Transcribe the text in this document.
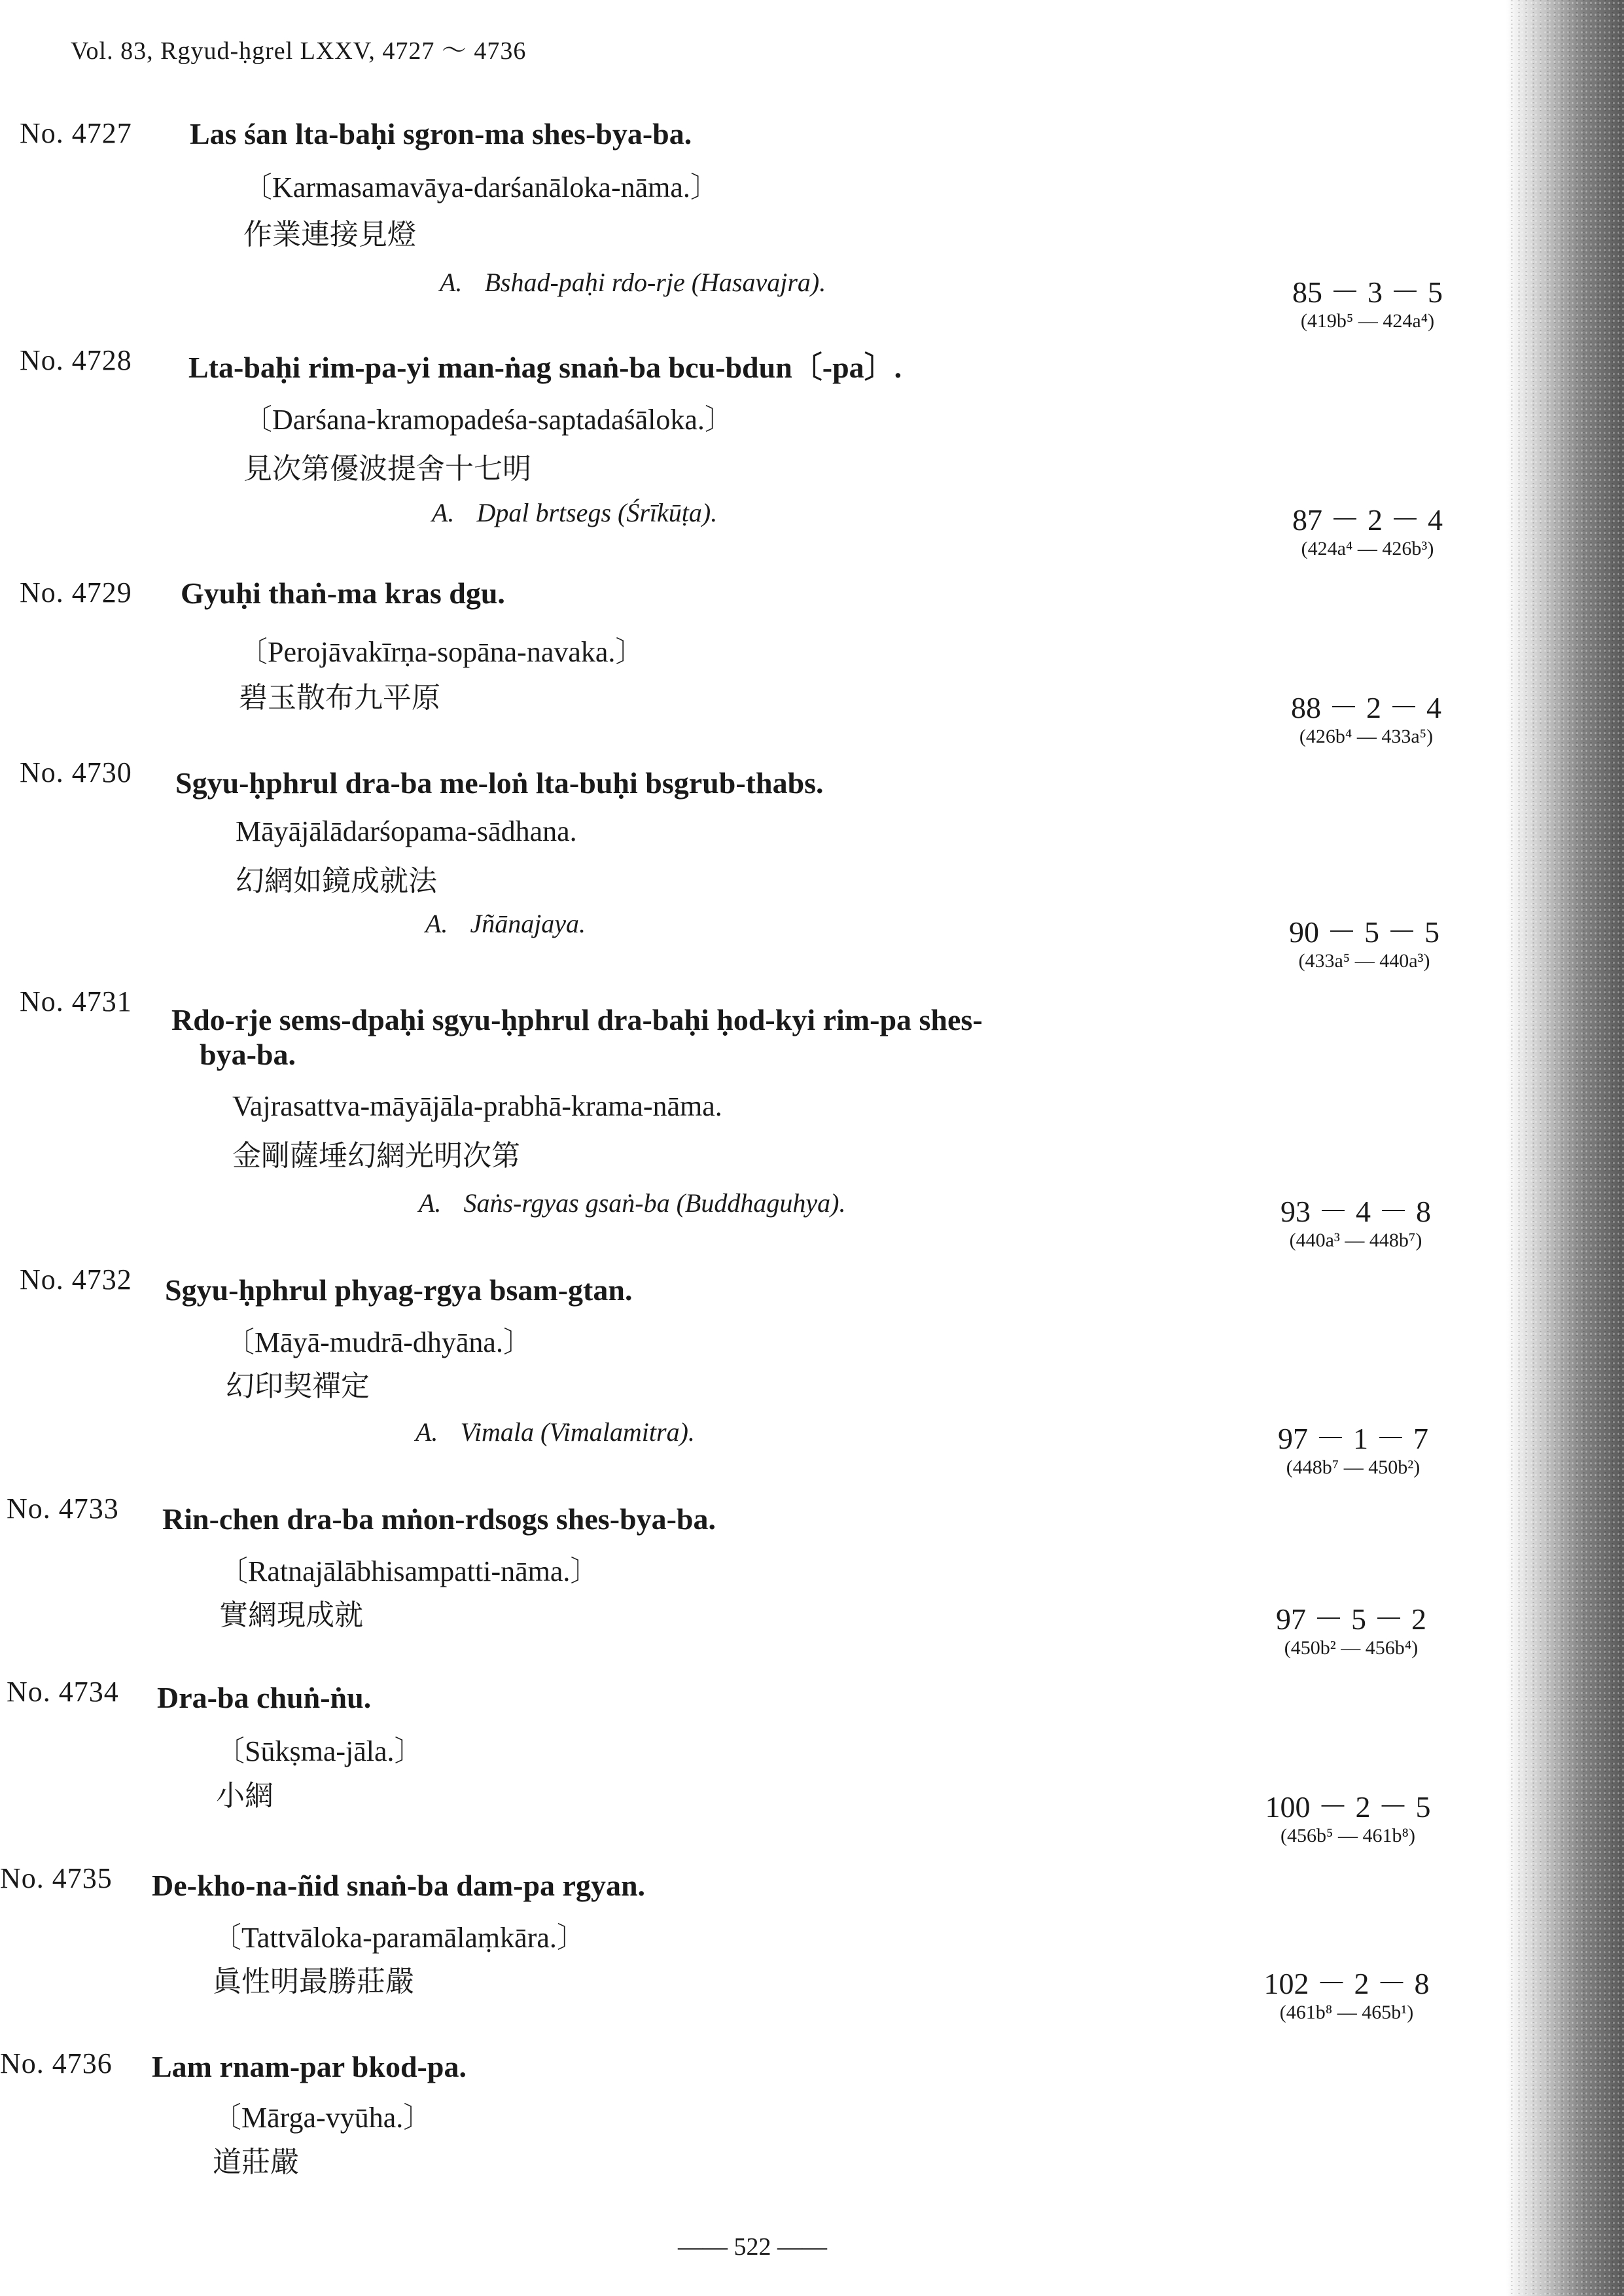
Vol. 83, Rgyud-ḥgrel LXXV, 4727 ～ 4736
No. 4727 Las śan lta-baḥi sgron-ma shes-bya-ba.
〔Karmasamavāya-darśanāloka-nāma.〕
作業連接見燈
A. Bshad-paḥi rdo-rje (Hasavajra).	85 － 3 － 5
(419b⁵ — 424a⁴)
No. 4728 Lta-baḥi rim-pa-yi man-ṅag snaṅ-ba bcu-bdun〔-pa〕.
〔Darśana-kramopadeśa-saptadaśāloka.〕
見次第優波提舍十七明
A. Dpal brtsegs (Śrīkūṭa).	87 － 2 － 4
(424a⁴ — 426b³)
No. 4729 Gyuḥi thaṅ-ma kras dgu.
〔Perojāvakīrṇa-sopāna-navaka.〕
碧玉散布九平原	88 － 2 － 4
(426b⁴ — 433a⁵)
No. 4730 Sgyu-ḥphrul dra-ba me-loṅ lta-buḥi bsgrub-thabs.
Māyājālādarśopama-sādhana.
幻網如鏡成就法
A. Jñānajaya.	90 － 5 － 5
(433a⁵ — 440a³)
No. 4731
Rdo-rje sems-dpaḥi sgyu-ḥphrul dra-baḥi ḥod-kyi rim-pa shes-
bya-ba.
Vajrasattva-māyājāla-prabhā-krama-nāma.
金剛薩埵幻網光明次第
A. Saṅs-rgyas gsaṅ-ba (Buddhaguhya).	93 － 4 － 8
(440a³ — 448b⁷)
No. 4732 Sgyu-ḥphrul phyag-rgya bsam-gtan.
〔Māyā-mudrā-dhyāna.〕
幻印契禪定
A. Vimala (Vimalamitra).	97 － 1 － 7
(448b⁷ — 450b²)
No. 4733 Rin-chen dra-ba mṅon-rdsogs shes-bya-ba.
〔Ratnajālābhisampatti-nāma.〕
實網現成就	97 － 5 － 2
(450b² — 456b⁴)
No. 4734 Dra-ba chuṅ-ṅu.
〔Sūkṣma-jāla.〕
小網	100 － 2 － 5
(456b⁵ — 461b⁸)
No. 4735 De-kho-na-ñid snaṅ-ba dam-pa rgyan.
〔Tattvāloka-paramālaṃkāra.〕
眞性明最勝莊嚴	102 － 2 － 8
(461b⁸ — 465b¹)
No. 4736 Lam rnam-par bkod-pa.
〔Mārga-vyūha.〕
道莊嚴
—— 522 ——
